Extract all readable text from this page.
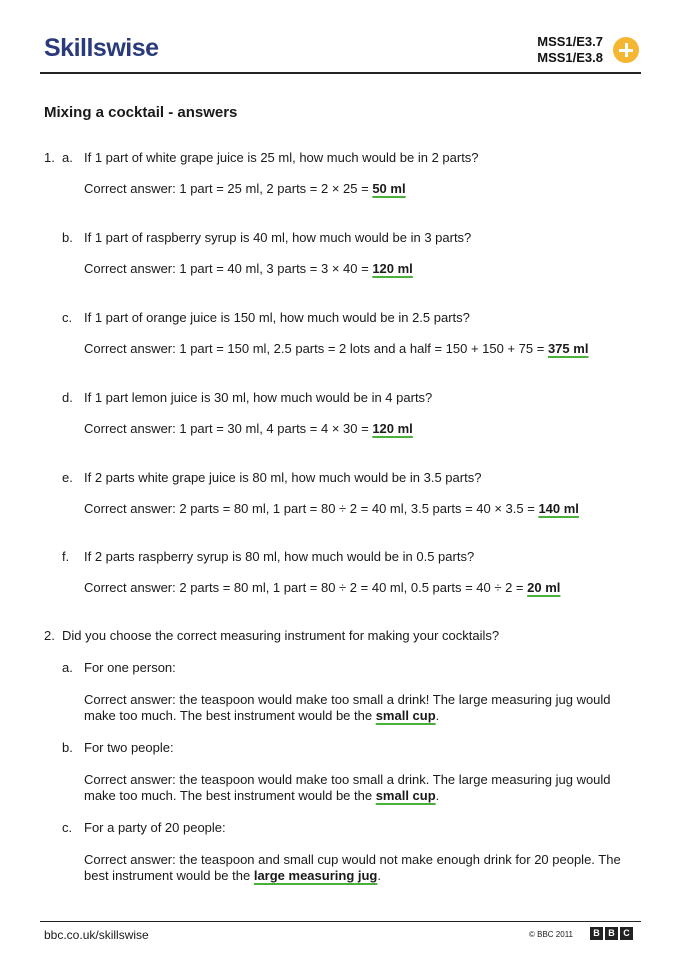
Skillswise	MSS1/E3.7
MSS1/E3.8
Mixing a cocktail - answers
1. a. If 1 part of white grape juice is 25 ml, how much would be in 2 parts?
Correct answer: 1 part = 25 ml, 2 parts = 2 × 25 = 50 ml
b. If 1 part of raspberry syrup is 40 ml, how much would be in 3 parts?
Correct answer: 1 part = 40 ml, 3 parts = 3 × 40 = 120 ml
c. If 1 part of orange juice is 150 ml, how much would be in 2.5 parts?
Correct answer: 1 part = 150 ml, 2.5 parts = 2 lots and a half = 150 + 150 + 75 = 375 ml
d. If 1 part lemon juice is 30 ml, how much would be in 4 parts?
Correct answer: 1 part = 30 ml, 4 parts = 4 × 30 = 120 ml
e. If 2 parts white grape juice is 80 ml, how much would be in 3.5 parts?
Correct answer: 2 parts = 80 ml, 1 part = 80 ÷ 2 = 40 ml, 3.5 parts = 40 × 3.5 = 140 ml
f. If 2 parts raspberry syrup is 80 ml, how much would be in 0.5 parts?
Correct answer: 2 parts = 80 ml, 1 part = 80 ÷ 2 = 40 ml, 0.5 parts = 40 ÷ 2 = 20 ml
2. Did you choose the correct measuring instrument for making your cocktails?
a. For one person:
Correct answer: the teaspoon would make too small a drink! The large measuring jug would make too much. The best instrument would be the small cup.
b. For two people:
Correct answer: the teaspoon would make too small a drink. The large measuring jug would make too much. The best instrument would be the small cup.
c. For a party of 20 people:
Correct answer: the teaspoon and small cup would not make enough drink for 20 people. The best instrument would be the large measuring jug.
bbc.co.uk/skillswise	© BBC 2011	B B C
